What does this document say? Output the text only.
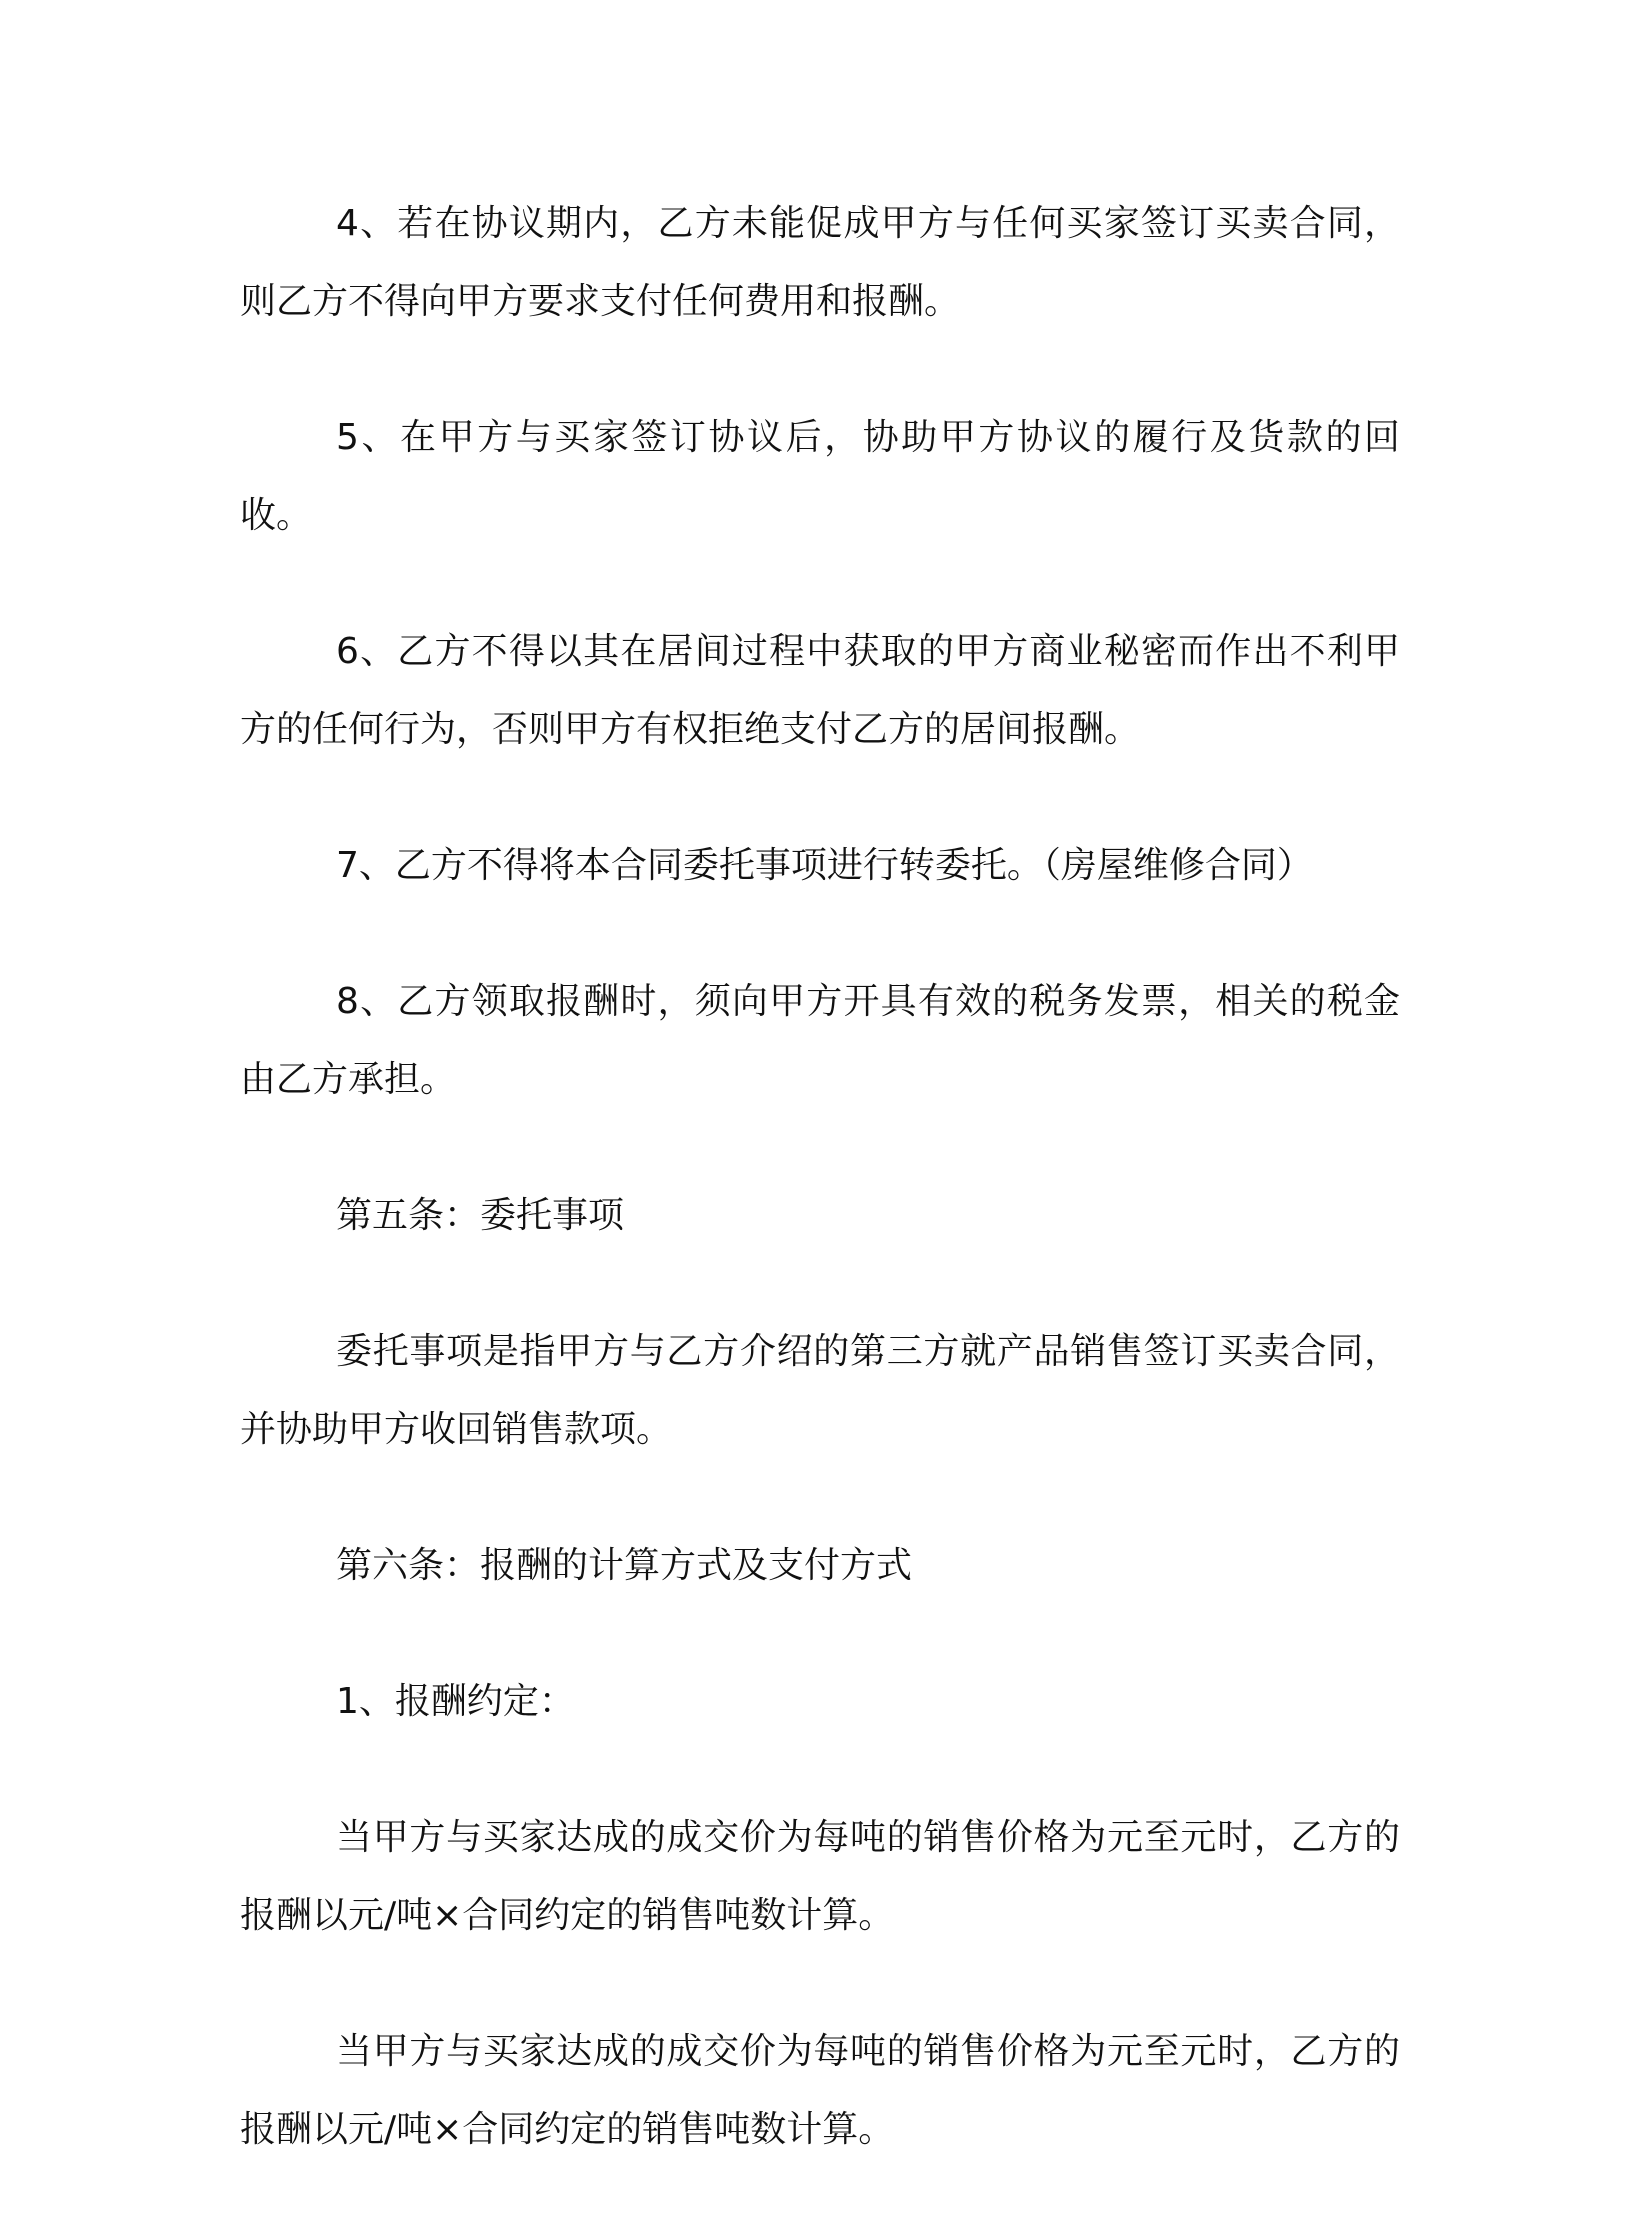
4、若在协议期内，乙方未能促成甲方与任何买家签订买卖合同，则乙方不得向甲方要求支付任何费用和报酬。

5、在甲方与买家签订协议后，协助甲方协议的履行及货款的回收。

6、乙方不得以其在居间过程中获取的甲方商业秘密而作出不利甲方的任何行为，否则甲方有权拒绝支付乙方的居间报酬。

7、乙方不得将本合同委托事项进行转委托。（房屋维修合同）

8、乙方领取报酬时，须向甲方开具有效的税务发票，相关的税金由乙方承担。

第五条：委托事项

委托事项是指甲方与乙方介绍的第三方就产品销售签订买卖合同，并协助甲方收回销售款项。

第六条：报酬的计算方式及支付方式

1、报酬约定：

当甲方与买家达成的成交价为每吨的销售价格为元至元时，乙方的报酬以元/吨×合同约定的销售吨数计算。

当甲方与买家达成的成交价为每吨的销售价格为元至元时，乙方的报酬以元/吨×合同约定的销售吨数计算。
